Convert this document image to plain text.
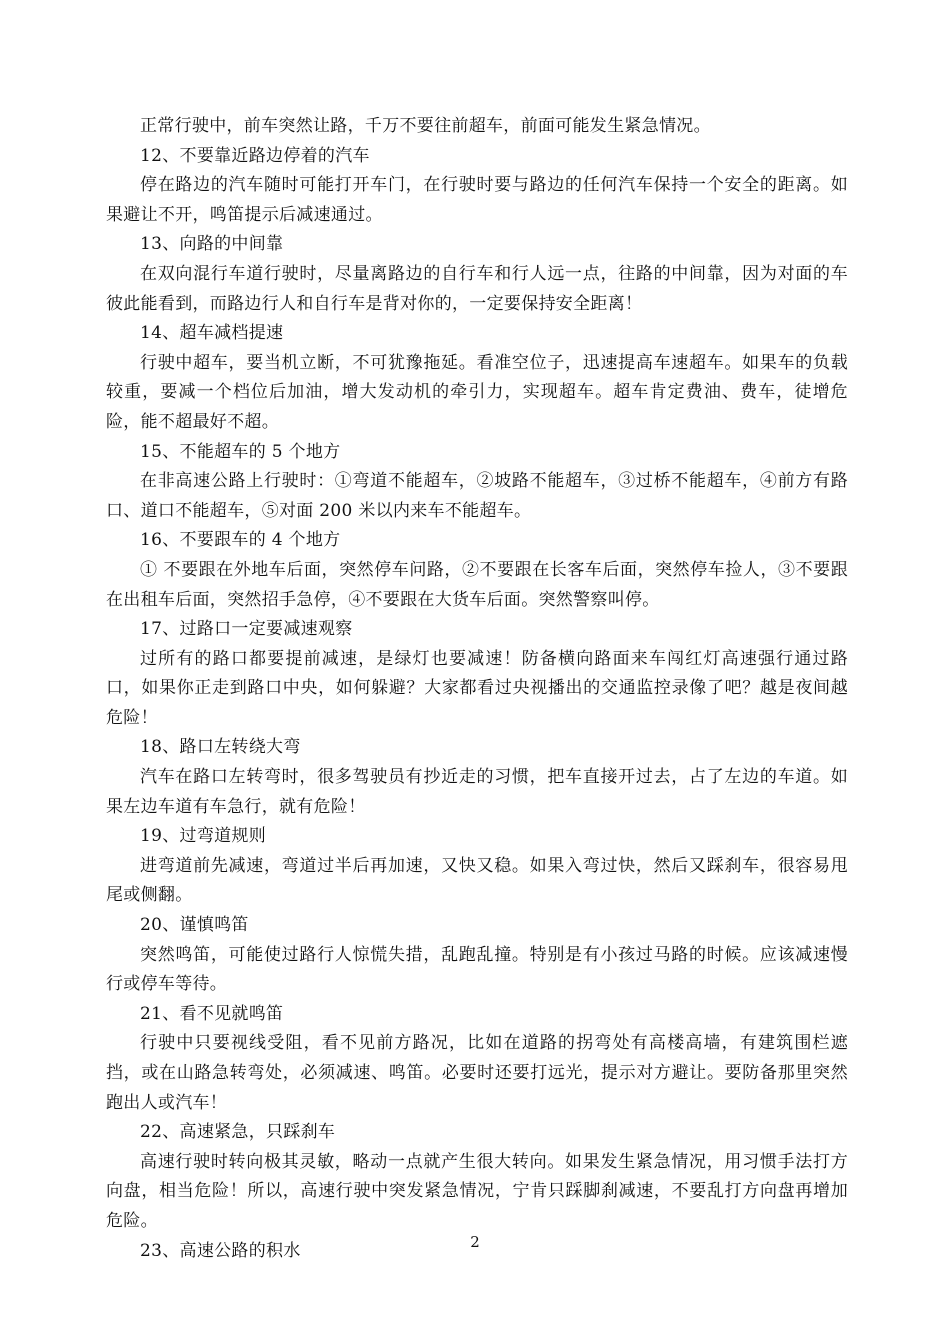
正常行驶中，前车突然让路，千万不要往前超车，前面可能发生紧急情况。

12、不要靠近路边停着的汽车

停在路边的汽车随时可能打开车门，在行驶时要与路边的任何汽车保持一个安全的距离。如果避让不开，鸣笛提示后减速通过。

13、向路的中间靠

在双向混行车道行驶时，尽量离路边的自行车和行人远一点，往路的中间靠，因为对面的车彼此能看到，而路边行人和自行车是背对你的，一定要保持安全距离！

14、超车减档提速

行驶中超车，要当机立断，不可犹豫拖延。看准空位子，迅速提高车速超车。如果车的负载较重，要减一个档位后加油，增大发动机的牵引力，实现超车。超车肯定费油、费车，徒增危险，能不超最好不超。

15、不能超车的 5 个地方

在非高速公路上行驶时：①弯道不能超车，②坡路不能超车，③过桥不能超车，④前方有路口、道口不能超车，⑤对面 200 米以内来车不能超车。

16、不要跟车的 4 个地方

① 不要跟在外地车后面，突然停车问路，②不要跟在长客车后面，突然停车捡人，③不要跟在出租车后面，突然招手急停，④不要跟在大货车后面。突然警察叫停。

17、过路口一定要减速观察

过所有的路口都要提前减速，是绿灯也要减速！防备横向路面来车闯红灯高速强行通过路口，如果你正走到路口中央，如何躲避？大家都看过央视播出的交通监控录像了吧？越是夜间越危险！

18、路口左转绕大弯

汽车在路口左转弯时，很多驾驶员有抄近走的习惯，把车直接开过去，占了左边的车道。如果左边车道有车急行，就有危险！

19、过弯道规则

进弯道前先减速，弯道过半后再加速，又快又稳。如果入弯过快，然后又踩刹车，很容易甩尾或侧翻。

20、谨慎鸣笛

突然鸣笛，可能使过路行人惊慌失措，乱跑乱撞。特别是有小孩过马路的时候。应该减速慢行或停车等待。

21、看不见就鸣笛

行驶中只要视线受阻，看不见前方路况，比如在道路的拐弯处有高楼高墙，有建筑围栏遮挡，或在山路急转弯处，必须减速、鸣笛。必要时还要打远光，提示对方避让。要防备那里突然跑出人或汽车！

22、高速紧急，只踩刹车

高速行驶时转向极其灵敏，略动一点就产生很大转向。如果发生紧急情况，用习惯手法打方向盘，相当危险！所以，高速行驶中突发紧急情况，宁肯只踩脚刹减速，不要乱打方向盘再增加危险。

23、高速公路的积水	2
